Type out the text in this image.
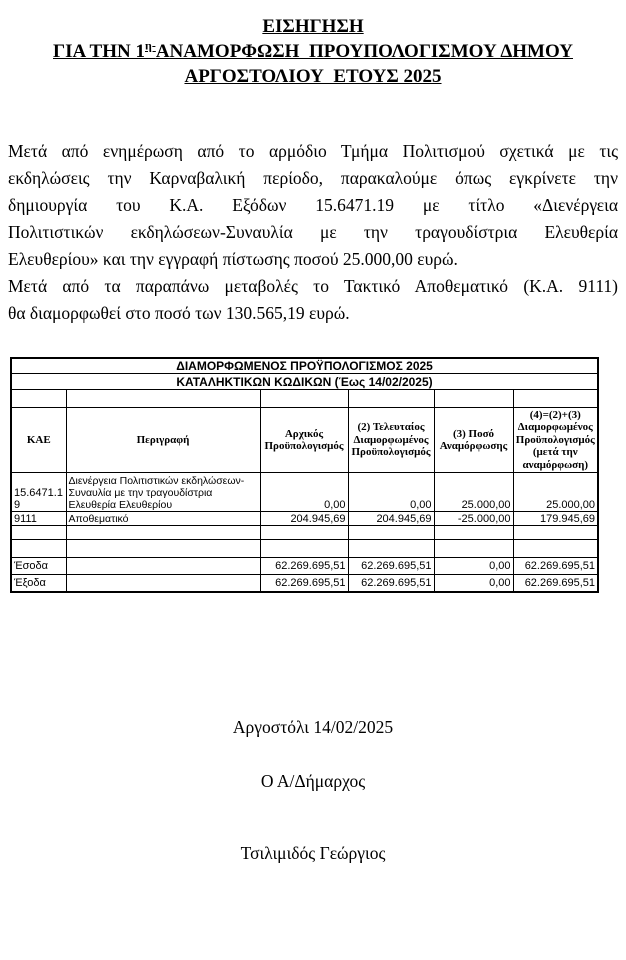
ΕΙΣΗΓΗΣΗ
ΓΙΑ ΤΗΝ $1^{\eta-}ANAMOP\Phi\Omega\Sigma H$  ΠΡΟΥΠΟΛΟΓΙΣΜΟΥ ΔΗΜΟΥ
ΑΡΓΟΣΤΟΛΙΟΥ  ΕΤΟΥΣ 2025
Μετά από ενημέρωση από το αρμόδιο Τμήμα Πολιτισμού σχετικά με τις
εκδηλώσεις την Καρναβαλική περίοδο, παρακαλούμε όπως εγκρίνετε την
δημιουργία του Κ.Α. Εξόδων 15.6471.19 με τίτλο «Διενέργεια
Πολιτιστικών εκδηλώσεων-Συναυλία με την τραγουδίστρια Ελευθερία
Ελευθερίου» και την εγγραφή πίστωσης ποσού 25.000,00 ευρώ.
Μετά από τα παραπάνω μεταβολές το Τακτικό Αποθεματικό (Κ.Α. 9111)
θα διαμορφωθεί στο ποσό των 130.565,19 ευρώ.
ΔΙΑΜΟΡΦΩΜΕΝΟΣ ΠΡΟΫΠΟΛΟΓΙΣΜΟΣ 2025					
ΚΑΤΑΛΗΚΤΙΚΩΝ ΚΩΔΙΚΩΝ (Έως 14/02/2025)					

ΚΑΕ	Περιγραφή	Αρχικός Προϋπολογισμός	(2) Τελευταίος Διαμορφωμένος Προϋπολογισμός	(3) Ποσό Αναμόρφωσης	(4)=(2)+(3) Διαμορφωμένος Προϋπολογισμός (μετά την αναμόρφωση)
15.6471.19	Διενέργεια Πολιτιστικών εκδηλώσεων-Συναυλία με την τραγουδίστρια Ελευθερία Ελευθερίου	0,00	0,00	25.000,00	25.000,00
9111	Αποθεματικό	204.945,69	204.945,69	-25.000,00	179.945,69

Έσοδα		62.269.695,51	62.269.695,51	0,00	62.269.695,51
Έξοδα		62.269.695,51	62.269.695,51	0,00	62.269.695,51
Αργοστόλι 14/02/2025
Ο Α/Δήμαρχος
Τσιλιμιδός Γεώργιος
